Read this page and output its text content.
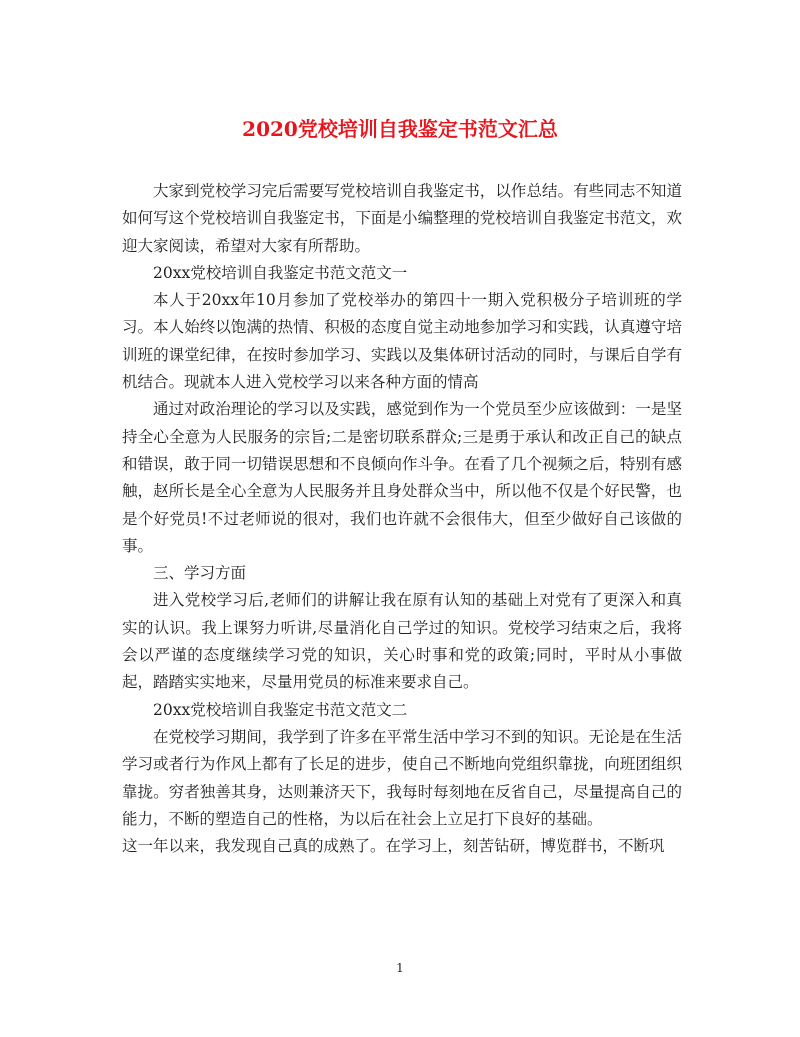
2020党校培训自我鉴定书范文汇总

大家到党校学习完后需要写党校培训自我鉴定书，以作总结。有些同志不知道如何写这个党校培训自我鉴定书，下面是小编整理的党校培训自我鉴定书范文，欢迎大家阅读，希望对大家有所帮助。

20xx党校培训自我鉴定书范文范文一

本人于20xx年10月参加了党校举办的第四十一期入党积极分子培训班的学习。本人始终以饱满的热情、积极的态度自觉主动地参加学习和实践，认真遵守培训班的课堂纪律，在按时参加学习、实践以及集体研讨活动的同时，与课后自学有机结合。现就本人进入党校学习以来各种方面的情高

通过对政治理论的学习以及实践，感觉到作为一个党员至少应该做到：一是坚持全心全意为人民服务的宗旨;二是密切联系群众;三是勇于承认和改正自己的缺点和错误，敢于同一切错误思想和不良倾向作斗争。在看了几个视频之后，特别有感触，赵所长是全心全意为人民服务并且身处群众当中，所以他不仅是个好民警，也是个好党员!不过老师说的很对，我们也许就不会很伟大，但至少做好自己该做的事。

三、学习方面

进入党校学习后,老师们的讲解让我在原有认知的基础上对党有了更深入和真实的认识。我上课努力听讲,尽量消化自己学过的知识。党校学习结束之后，我将会以严谨的态度继续学习党的知识，关心时事和党的政策;同时，平时从小事做起，踏踏实实地来，尽量用党员的标准来要求自己。

20xx党校培训自我鉴定书范文范文二

在党校学习期间，我学到了许多在平常生活中学习不到的知识。无论是在生活学习或者行为作风上都有了长足的进步，使自己不断地向党组织靠拢，向班团组织靠拢。穷者独善其身，达则兼济天下，我每时每刻地在反省自己，尽量提高自己的能力，不断的塑造自己的性格，为以后在社会上立足打下良好的基础。

这一年以来，我发现自己真的成熟了。在学习上，刻苦钻研，博览群书，不断巩

1
